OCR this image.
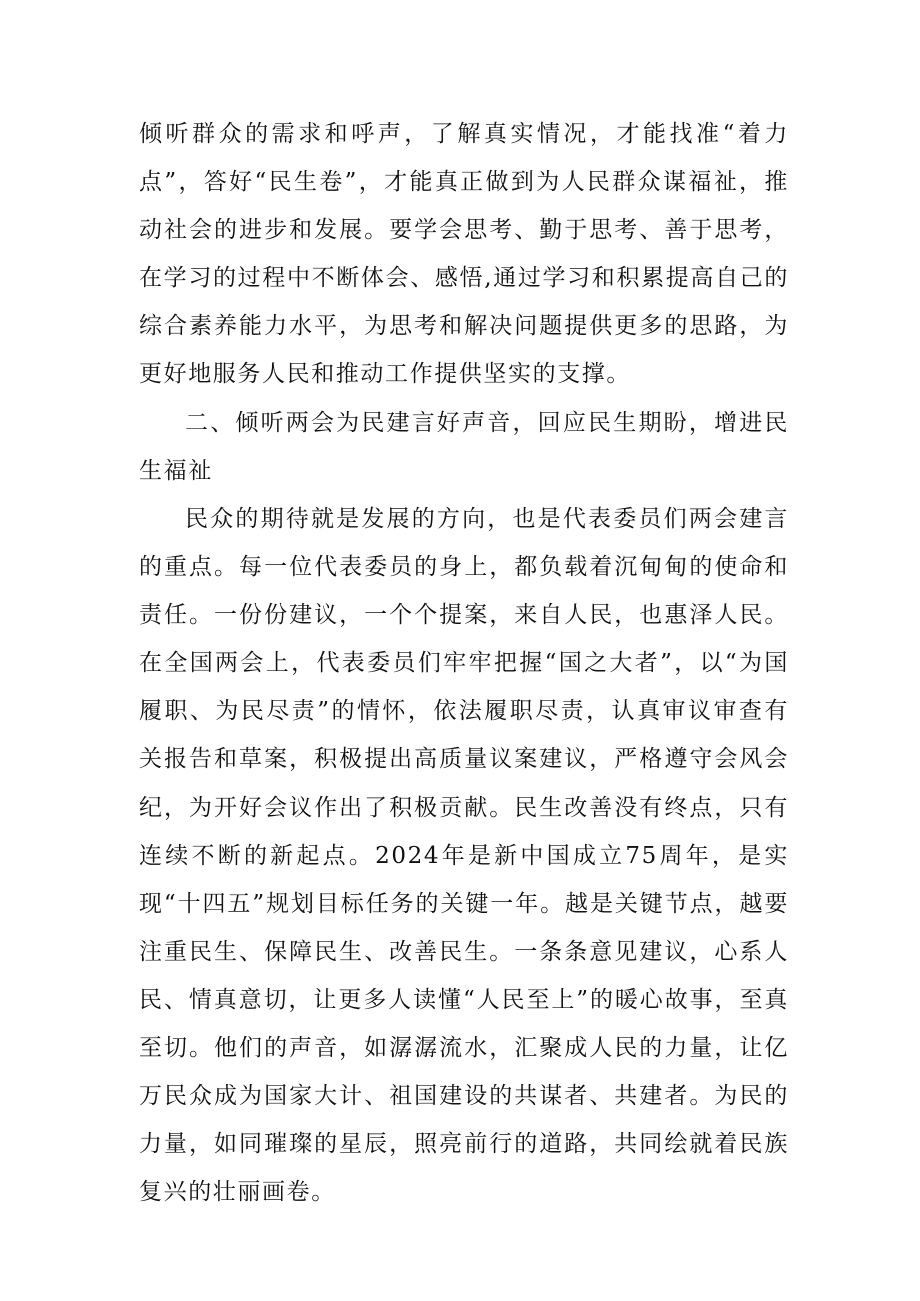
倾听群众的需求和呼声，了解真实情况，才能找准“着力点”，答好“民生卷”，才能真正做到为人民群众谋福祉，推动社会的进步和发展。要学会思考、勤于思考、善于思考，在学习的过程中不断体会、感悟,通过学习和积累提高自己的综合素养能力水平，为思考和解决问题提供更多的思路，为更好地服务人民和推动工作提供坚实的支撑。

二、倾听两会为民建言好声音，回应民生期盼，增进民生福祉

民众的期待就是发展的方向，也是代表委员们两会建言的重点。每一位代表委员的身上，都负载着沉甸甸的使命和责任。一份份建议，一个个提案，来自人民，也惠泽人民。在全国两会上，代表委员们牢牢把握“国之大者”，以“为国履职、为民尽责”的情怀，依法履职尽责，认真审议审查有关报告和草案，积极提出高质量议案建议，严格遵守会风会纪，为开好会议作出了积极贡献。民生改善没有终点，只有连续不断的新起点。2024年是新中国成立75周年，是实现“十四五”规划目标任务的关键一年。越是关键节点，越要注重民生、保障民生、改善民生。一条条意见建议，心系人民、情真意切，让更多人读懂“人民至上”的暖心故事，至真至切。他们的声音，如潺潺流水，汇聚成人民的力量，让亿万民众成为国家大计、祖国建设的共谋者、共建者。为民的力量，如同璀璨的星辰，照亮前行的道路，共同绘就着民族复兴的壮丽画卷。
